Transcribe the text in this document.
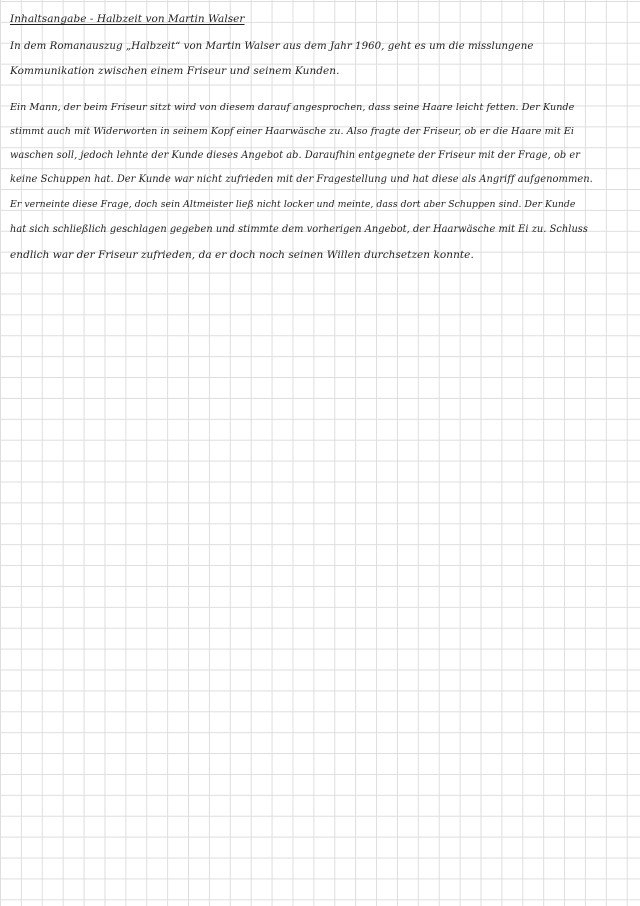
Inhaltsangabe - Halbzeit von Martin Walser
In dem Romanauszug „Halbzeit“ von Martin Walser aus dem Jahr 1960, geht es um die misslungene
Kommunikation zwischen einem Friseur und seinem Kunden.
Ein Mann, der beim Friseur sitzt wird von diesem darauf angesprochen, dass seine Haare leicht fetten. Der Kunde
stimmt auch mit Widerworten in seinem Kopf einer Haarwäsche zu. Also fragte der Friseur, ob er die Haare mit Ei
waschen soll, jedoch lehnte der Kunde dieses Angebot ab. Daraufhin entgegnete der Friseur mit der Frage, ob er
keine Schuppen hat. Der Kunde war nicht zufrieden mit der Fragestellung und hat diese als Angriff aufgenommen.
Er verneinte diese Frage, doch sein Altmeister ließ nicht locker und meinte, dass dort aber Schuppen sind. Der Kunde
hat sich schließlich geschlagen gegeben und stimmte dem vorherigen Angebot, der Haarwäsche mit Ei zu. Schluss
endlich war der Friseur zufrieden, da er doch noch seinen Willen durchsetzen konnte.
